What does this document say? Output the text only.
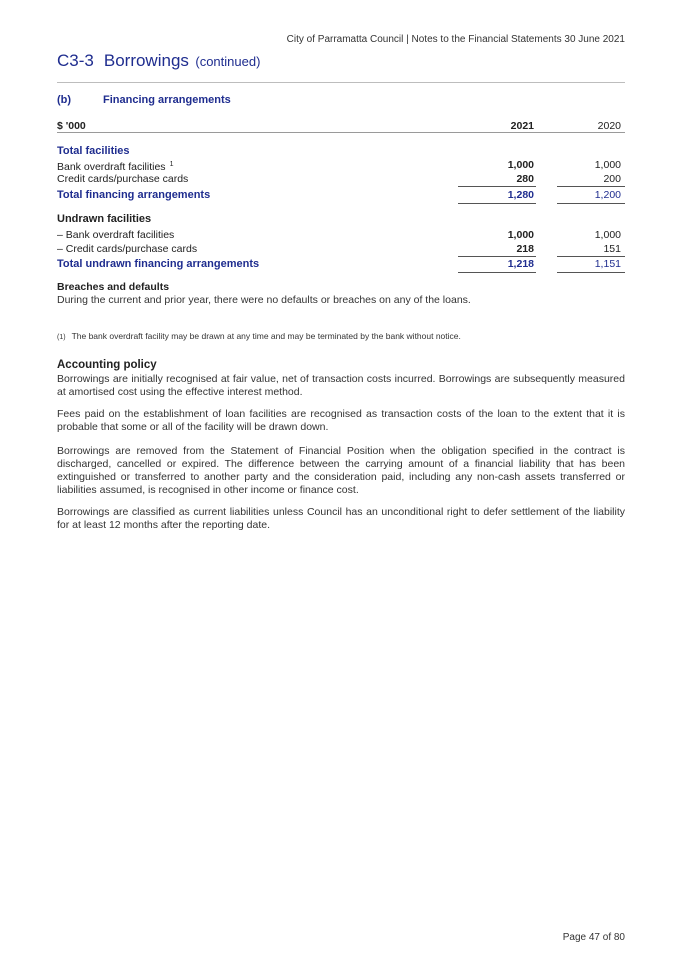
City of Parramatta Council | Notes to the Financial Statements 30 June 2021
C3-3 Borrowings (continued)
(b)	Financing arrangements
$ '000	2021	2020
Total facilities
Bank overdraft facilities $^1$	1,000	1,000
Credit cards/purchase cards	280	200
Total financing arrangements	1,280	1,200
Undrawn facilities
– Bank overdraft facilities	1,000	1,000
– Credit cards/purchase cards	218	151
Total undrawn financing arrangements	1,218	1,151
Breaches and defaults
During the current and prior year, there were no defaults or breaches on any of the loans.
(1) The bank overdraft facility may be drawn at any time and may be terminated by the bank without notice.
Accounting policy
Borrowings are initially recognised at fair value, net of transaction costs incurred. Borrowings are subsequently measured at amortised cost using the effective interest method.
Fees paid on the establishment of loan facilities are recognised as transaction costs of the loan to the extent that it is probable that some or all of the facility will be drawn down.
Borrowings are removed from the Statement of Financial Position when the obligation specified in the contract is discharged, cancelled or expired. The difference between the carrying amount of a financial liability that has been extinguished or transferred to another party and the consideration paid, including any non-cash assets transferred or liabilities assumed, is recognised in other income or finance cost.
Borrowings are classified as current liabilities unless Council has an unconditional right to defer settlement of the liability for at least 12 months after the reporting date.
Page 47 of 80
